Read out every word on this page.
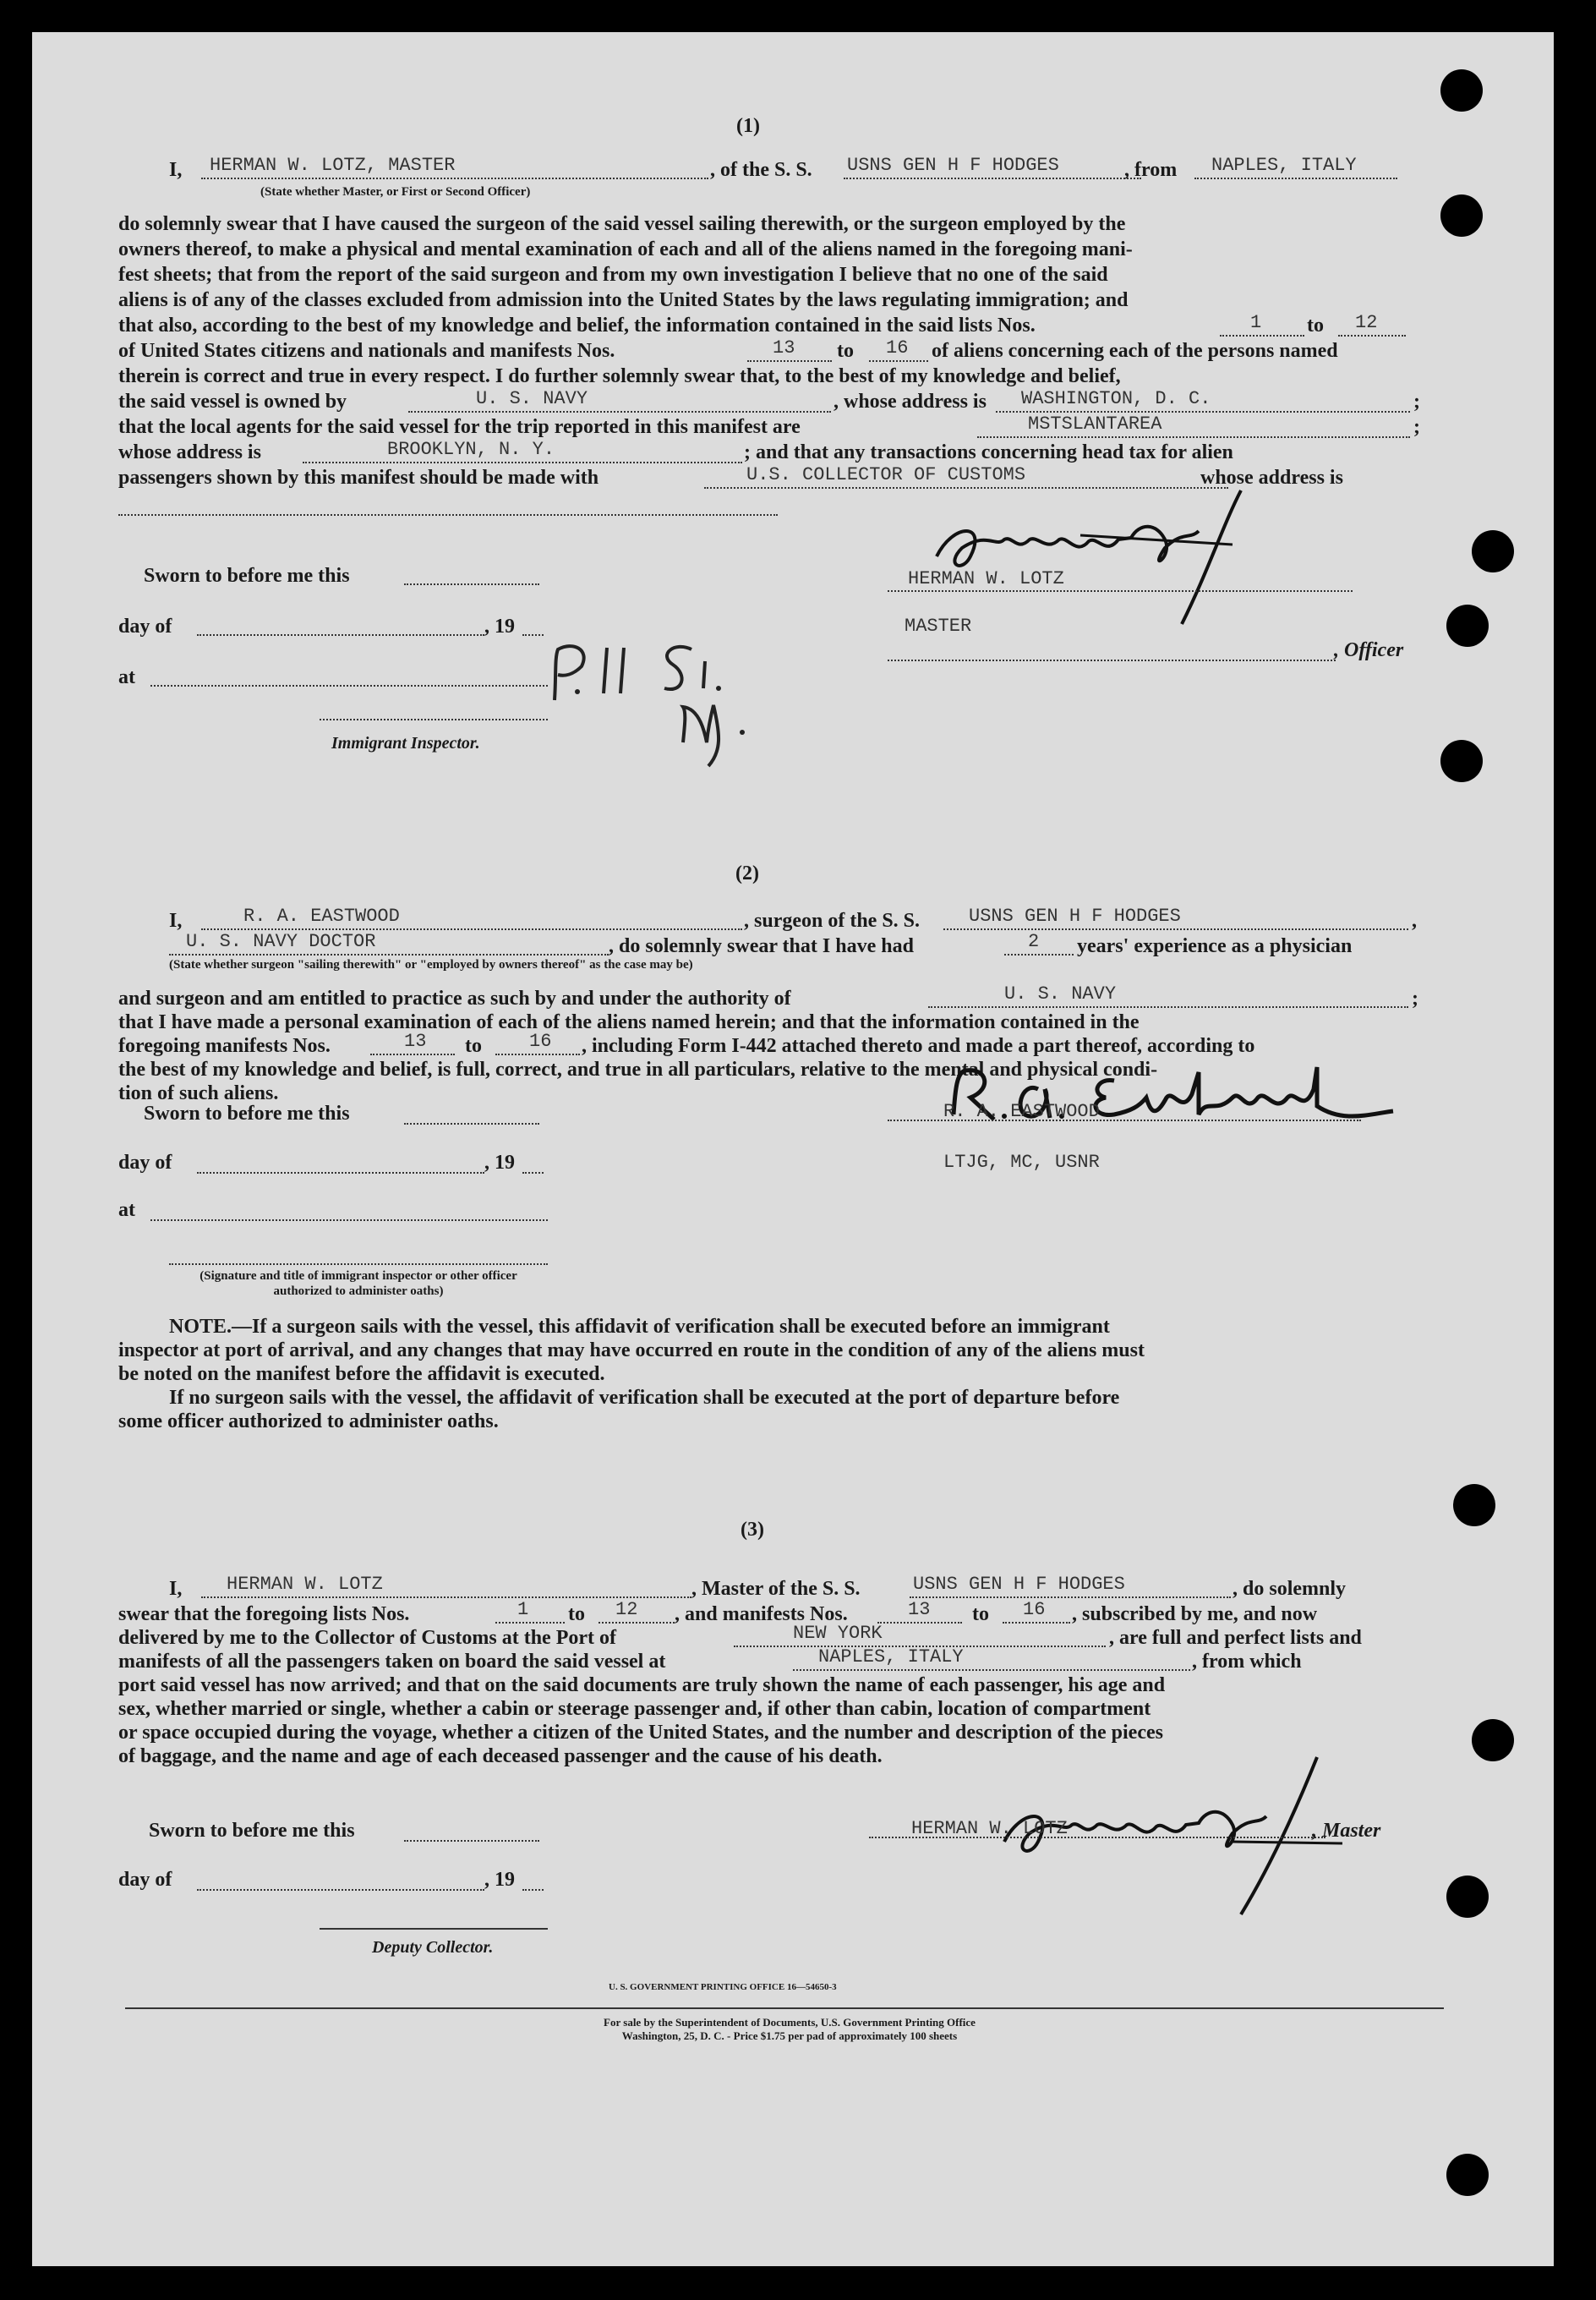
(1)
I, HERMAN W. LOTZ, MASTER
(State whether Master, or First or Second Officer)
, of the S. S. USNS GEN H F HODGES	, from NAPLES, ITALY
do solemnly swear that I have caused the surgeon of the said vessel sailing therewith, or the surgeon employed by the
owners thereof, to make a physical and mental examination of each and all of the aliens named in the foregoing mani-
fest sheets; that from the report of the said surgeon and from my own investigation I believe that no one of the said
aliens is of any of the classes excluded from admission into the United States by the laws regulating immigration; and
that also, according to the best of my knowledge and belief, the information contained in the said lists Nos.	1 to 12
of United States citizens and nationals and manifests Nos.	13 to 16 of aliens concerning each of the persons named
therein is correct and true in every respect. I do further solemnly swear that, to the best of my knowledge and belief,
the said vessel is owned by	U. S. NAVY	, whose address is WASHINGTON, D. C.	;
that the local agents for the said vessel for the trip reported in this manifest are	MSTSLANTAREA	;
whose address is	BROOKLYN, N. Y.	; and that any transactions concerning head tax for alien
passengers shown by this manifest should be made with	U.S. COLLECTOR OF CUSTOMS	whose address is
Sworn to before me this
day of	, 19
at
Immigrant Inspector.
P. 11 S.I. N.Y.
HERMAN W. LOTZ
MASTER
, Officer
(2)
I,	R. A. EASTWOOD	, surgeon of the S. S.	USNS GEN H F HODGES	,
U. S. NAVY DOCTOR	, do solemnly swear that I have had	2 years' experience as a physician
(State whether surgeon "sailing therewith" or "employed by owners thereof" as the case may be)
and surgeon and am entitled to practice as such by and under the authority of	U. S. NAVY	;
that I have made a personal examination of each of the aliens named herein; and that the information contained in the
foregoing manifests Nos.	13 to	16 , including Form I-442 attached thereto and made a part thereof, according to
the best of my knowledge and belief, is full, correct, and true in all particulars, relative to the mental and physical condi-
tion of such aliens.
R. A. EASTWOOD
LTJG, MC, USNR
Sworn to before me this
day of	, 19
at
(Signature and title of immigrant inspector or other officer authorized to administer oaths)
NOTE.—If a surgeon sails with the vessel, this affidavit of verification shall be executed before an immigrant
inspector at port of arrival, and any changes that may have occurred en route in the condition of any of the aliens must
be noted on the manifest before the affidavit is executed.
If no surgeon sails with the vessel, the affidavit of verification shall be executed at the port of departure before
some officer authorized to administer oaths.
(3)
I, HERMAN W. LOTZ	, Master of the S. S.	USNS GEN H F HODGES	, do solemnly
swear that the foregoing lists Nos.	1 to 12 , and manifests Nos.	13 to 16 , subscribed by me, and now
delivered by me to the Collector of Customs at the Port of	NEW YORK	, are full and perfect lists and
manifests of all the passengers taken on board the said vessel at	NAPLES, ITALY	, from which
port said vessel has now arrived; and that on the said documents are truly shown the name of each passenger, his age and
sex, whether married or single, whether a cabin or steerage passenger and, if other than cabin, location of compartment
or space occupied during the voyage, whether a citizen of the United States, and the number and description of the pieces
of baggage, and the name and age of each deceased passenger and the cause of his death.
Sworn to before me this	HERMAN W. LOTZ	, Master
day of	, 19
Deputy Collector.
U. S. GOVERNMENT PRINTING OFFICE 16—54650-3
For sale by the Superintendent of Documents, U.S. Government Printing Office
Washington, 25, D. C. - Price $1.75 per pad of approximately 100 sheets
